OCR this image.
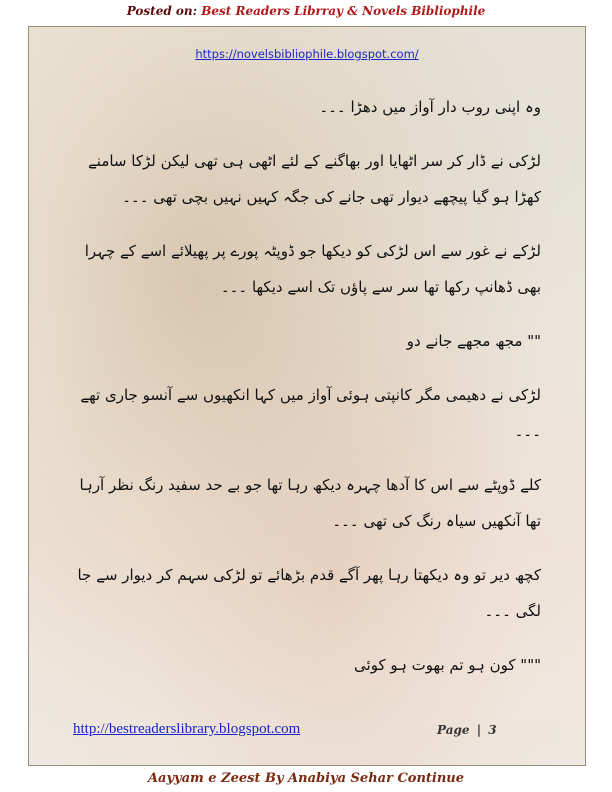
Posted on: Best Readers Librray & Novels Bibliophile
https://novelsbibliophile.blogspot.com/

وہ اپنی روب دار آواز میں دھڑا ۔۔۔

لڑکی نے ڈار کر سر اٹھایا اور بھاگنے کے لئے اٹھی ہی تھی لیکن لڑکا سامنے کھڑا ہو گیا پیچھے دیوار تھی جانے کی جگہ کہیں نہیں بچی تھی ۔۔۔

لڑکے نے غور سے اس لڑکی کو دیکھا جو ڈوپٹہ پورے پر پھیلائے اسے کے چہرا بھی ڈھانپ رکھا تھا سر سے پاؤں تک اسے دیکھا ۔۔۔

"" مجھ مجھے جانے دو

لڑکی نے دھیمی مگر کانپتی ہوئی آواز میں کہا انکھیوں سے آنسو جاری تھے ۔۔۔

کلے ڈوپٹے سے اس کا آدھا چہرہ دیکھ رہا تھا جو بے حد سفید رنگ نظر آرہا تھا آنکھیں سیاہ رنگ کی تھی ۔۔۔

کچھ دیر تو وہ دیکھتا رہا پھر آگے قدم بڑھائے تو لڑکی سہم کر دیوار سے جا لگی ۔۔۔

""" کون ہو تم بھوت ہو کوئی

http://bestreaderslibrary.blogspot.com	Page | 3
Aayyam e Zeest By Anabiya Sehar Continue
